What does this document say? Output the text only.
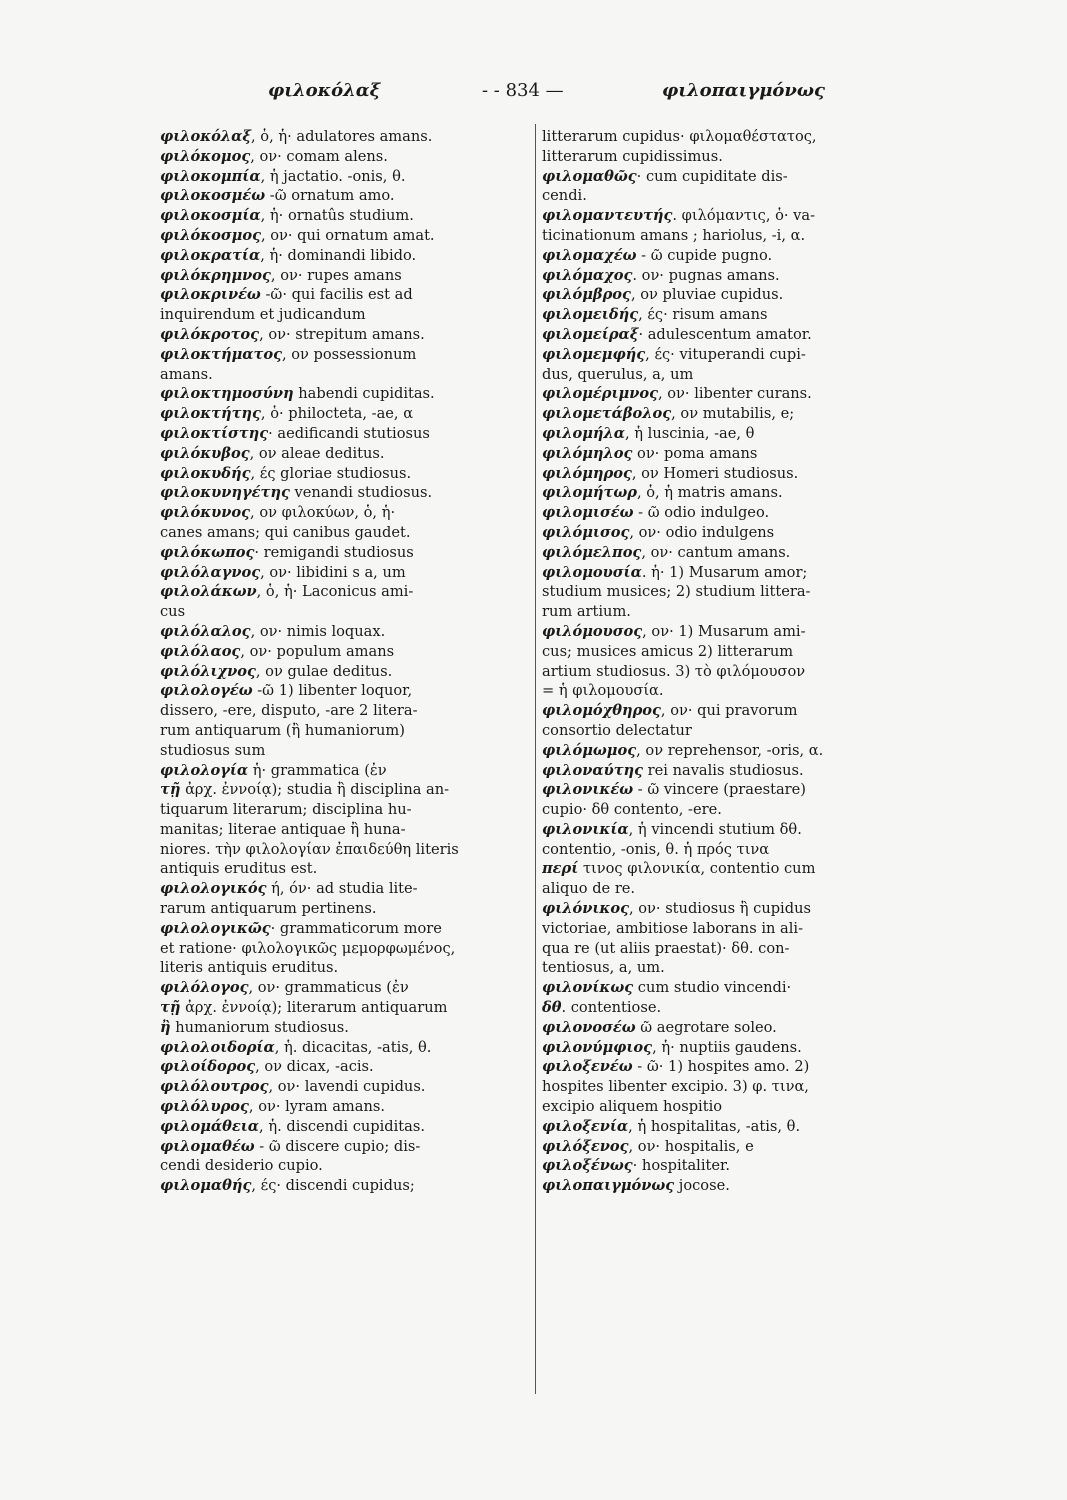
φιλοκόλαξ	- - 834 —	φιλοπαιγμόνως
φιλοκόλαξ, ὁ, ἡ· adulatores amans.
φιλόκομος, ον· comam alens.
φιλοκομπία, ἡ jactatio. -onis, θ.
φιλοκοσμέω -ῶ ornatum amo.
φιλοκοσμία, ἡ· ornatûs studium.
φιλόκοσμος, ον· qui ornatum amat.
φιλοκρατία, ἡ· dominandi libido.
φιλόκρημνος, ον· rupes amans
φιλοκρινέω -ῶ· qui facilis est ad
inquirendum et judicandum
φιλόκροτος, ον· strepitum amans.
φιλοκτήματος, ον possessionum
amans.
φιλοκτημοσύνη habendi cupiditas.
φιλοκτήτης, ὁ· philocteta, -ae, α
φιλοκτίστης· aedificandi stutiosus
φιλόκυβος, ον aleae deditus.
φιλοκυδής, ές gloriae studiosus.
φιλοκυνηγέτης venandi studiosus.
φιλόκυνος, ον φιλοκύων, ὁ, ἡ·
canes amans; qui canibus gaudet.
φιλόκωπος· remigandi studiosus
φιλόλαγνος, ον· libidini s a, um
φιλολάκων, ὁ, ἡ· Laconicus ami-
cus
φιλόλαλος, ον· nimis loquax.
φιλόλαος, ον· populum amans
φιλόλιχνος, ον gulae deditus.
φιλολογέω -ῶ 1) libenter loquor,
dissero, -ere, disputo, -are 2 litera-
rum antiquarum (ἢ humaniorum)
studiosus sum
φιλολογία ἡ· grammatica (ἐν
τῇ ἀρχ. ἐννοίᾳ); studia ἢ disciplina an-
tiquarum literarum; disciplina hu-
manitas; literae antiquae ἢ huna-
niores. τὴν φιλολογίαν ἐπαιδεύθη literis
antiquis eruditus est.
φιλολογικός ή, όν· ad studia lite-
rarum antiquarum pertinens.
φιλολογικῶς· grammaticorum more
et ratione· φιλολογικῶς μεμορφωμένος,
literis antiquis eruditus.
φιλόλογος, ον· grammaticus (ἐν
τῇ ἀρχ. ἐννοίᾳ); literarum antiquarum
ἢ humaniorum studiosus.
φιλολοιδορία, ἡ. dicacitas, -atis, θ.
φιλοίδορος, ον dicax, -acis.
φιλόλουτρος, ον· lavendi cupidus.
φιλόλυρος, ον· lyram amans.
φιλομάθεια, ἡ. discendi cupiditas.
φιλομαθέω - ῶ discere cupio; dis-
cendi desiderio cupio.
φιλομαθής, ές· discendi cupidus;
litterarum cupidus· φιλομαθέστατος,
litterarum cupidissimus.
φιλομαθῶς· cum cupiditate dis-
cendi.
φιλομαντευτής. φιλόμαντις, ὁ· va-
ticinationum amans ; hariolus, -i, α.
φιλομαχέω - ῶ cupide pugno.
φιλόμαχος. ον· pugnas amans.
φιλόμβρος, ον pluviae cupidus.
φιλομειδής, ές· risum amans
φιλομείραξ· adulescentum amator.
φιλομεμφής, ές· vituperandi cupi-
dus, querulus, a, um
φιλομέριμνος, ον· libenter curans.
φιλομετάβολος, ον mutabilis, e;
φιλομήλα, ἡ luscinia, -ae, θ
φιλόμηλος ον· poma amans
φιλόμηρος, ον Homeri studiosus.
φιλομήτωρ, ὁ, ἡ matris amans.
φιλομισέω - ῶ odio indulgeo.
φιλόμισος, ον· odio indulgens
φιλόμελπος, ον· cantum amans.
φιλομουσία. ἡ· 1) Musarum amor;
studium musices; 2) studium littera-
rum artium.
φιλόμουσος, ον· 1) Musarum ami-
cus; musices amicus 2) litterarum
artium studiosus. 3) τὸ φιλόμουσον
= ἡ φιλομουσία.
φιλομόχθηρος, ον· qui pravorum
consortio delectatur
φιλόμωμος, ον reprehensor, -oris, α.
φιλοναύτης rei navalis studiosus.
φιλονικέω - ῶ vincere (praestare)
cupio· δθ contento, -ere.
φιλονικία, ἡ vincendi stutium δθ.
contentio, -onis, θ. ἡ πρός τινα
περί τινος φιλονικία, contentio cum
aliquo de re.
φιλόνικος, ον· studiosus ἢ cupidus
victoriae, ambitiose laborans in ali-
qua re (ut aliis praestat)· δθ. con-
tentiosus, a, um.
φιλονίκως cum studio vincendi·
δθ. contentiose.
φιλονοσέω ῶ aegrotare soleo.
φιλονύμφιος, ἡ· nuptiis gaudens.
φιλοξενέω - ῶ· 1) hospites amo. 2)
hospites libenter excipio. 3) φ. τινα,
excipio aliquem hospitio
φιλοξενία, ἡ hospitalitas, -atis, θ.
φιλόξενος, ον· hospitalis, e
φιλοξένως· hospitaliter.
φιλοπαιγμόνως jocose.
